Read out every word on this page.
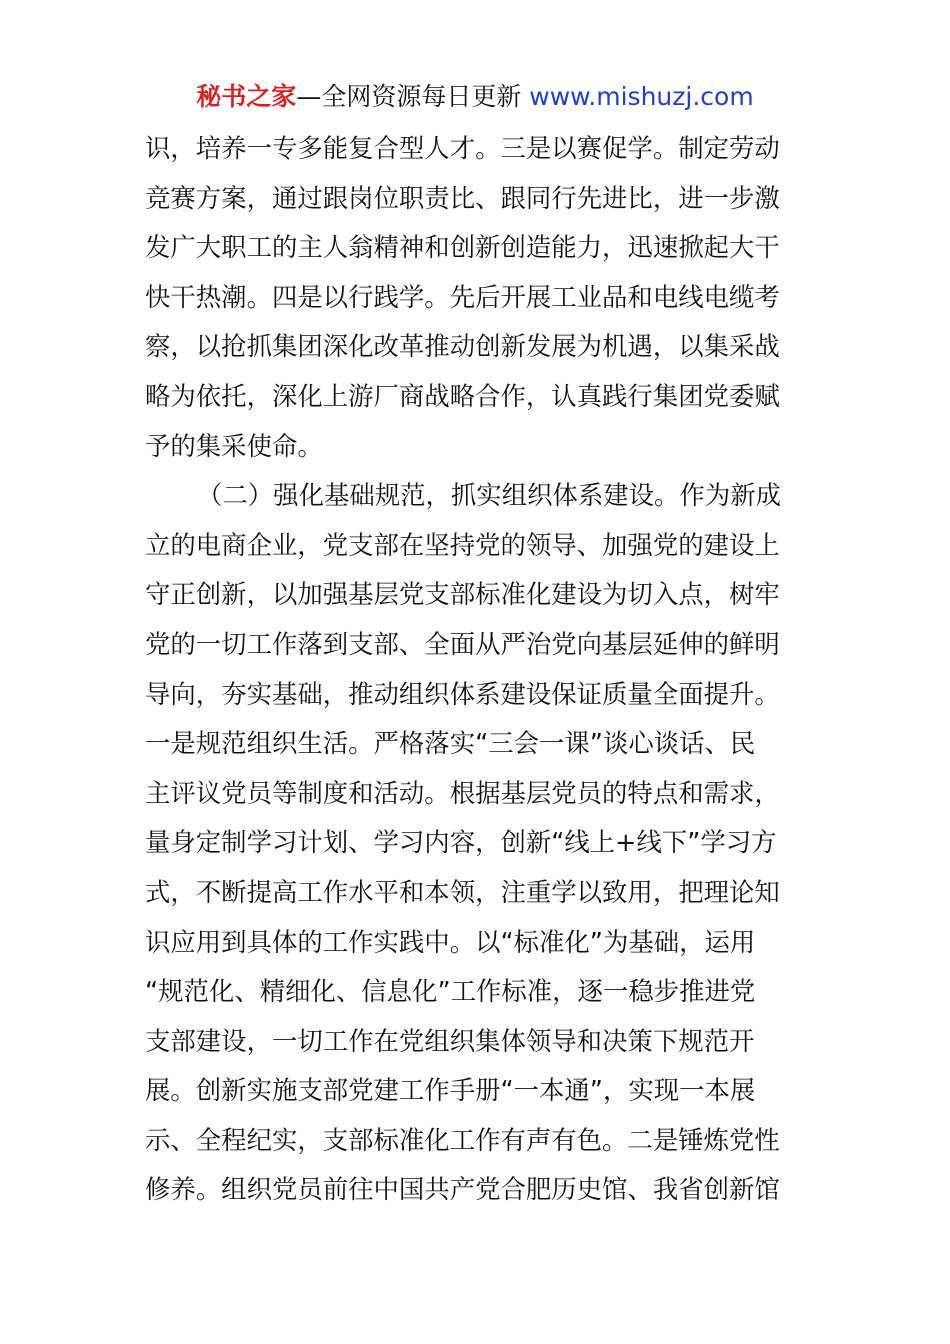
秘书之家—全网资源每日更新 www.mishuzj.com
识，培养一专多能复合型人才。三是以赛促学。制定劳动
竞赛方案，通过跟岗位职责比、跟同行先进比，进一步激
发广大职工的主人翁精神和创新创造能力，迅速掀起大干
快干热潮。四是以行践学。先后开展工业品和电线电缆考
察，以抢抓集团深化改革推动创新发展为机遇，以集采战
略为依托，深化上游厂商战略合作，认真践行集团党委赋
予的集采使命。
（二）强化基础规范，抓实组织体系建设。作为新成
立的电商企业，党支部在坚持党的领导、加强党的建设上
守正创新，以加强基层党支部标准化建设为切入点，树牢
党的一切工作落到支部、全面从严治党向基层延伸的鲜明
导向，夯实基础，推动组织体系建设保证质量全面提升。
一是规范组织生活。严格落实“三会一课”谈心谈话、民
主评议党员等制度和活动。根据基层党员的特点和需求，
量身定制学习计划、学习内容，创新“线上+线下”学习方
式，不断提高工作水平和本领，注重学以致用，把理论知
识应用到具体的工作实践中。以“标准化”为基础，运用
“规范化、精细化、信息化”工作标准，逐一稳步推进党
支部建设，一切工作在党组织集体领导和决策下规范开
展。创新实施支部党建工作手册“一本通”，实现一本展
示、全程纪实，支部标准化工作有声有色。二是锤炼党性
修养。组织党员前往中国共产党合肥历史馆、我省创新馆
